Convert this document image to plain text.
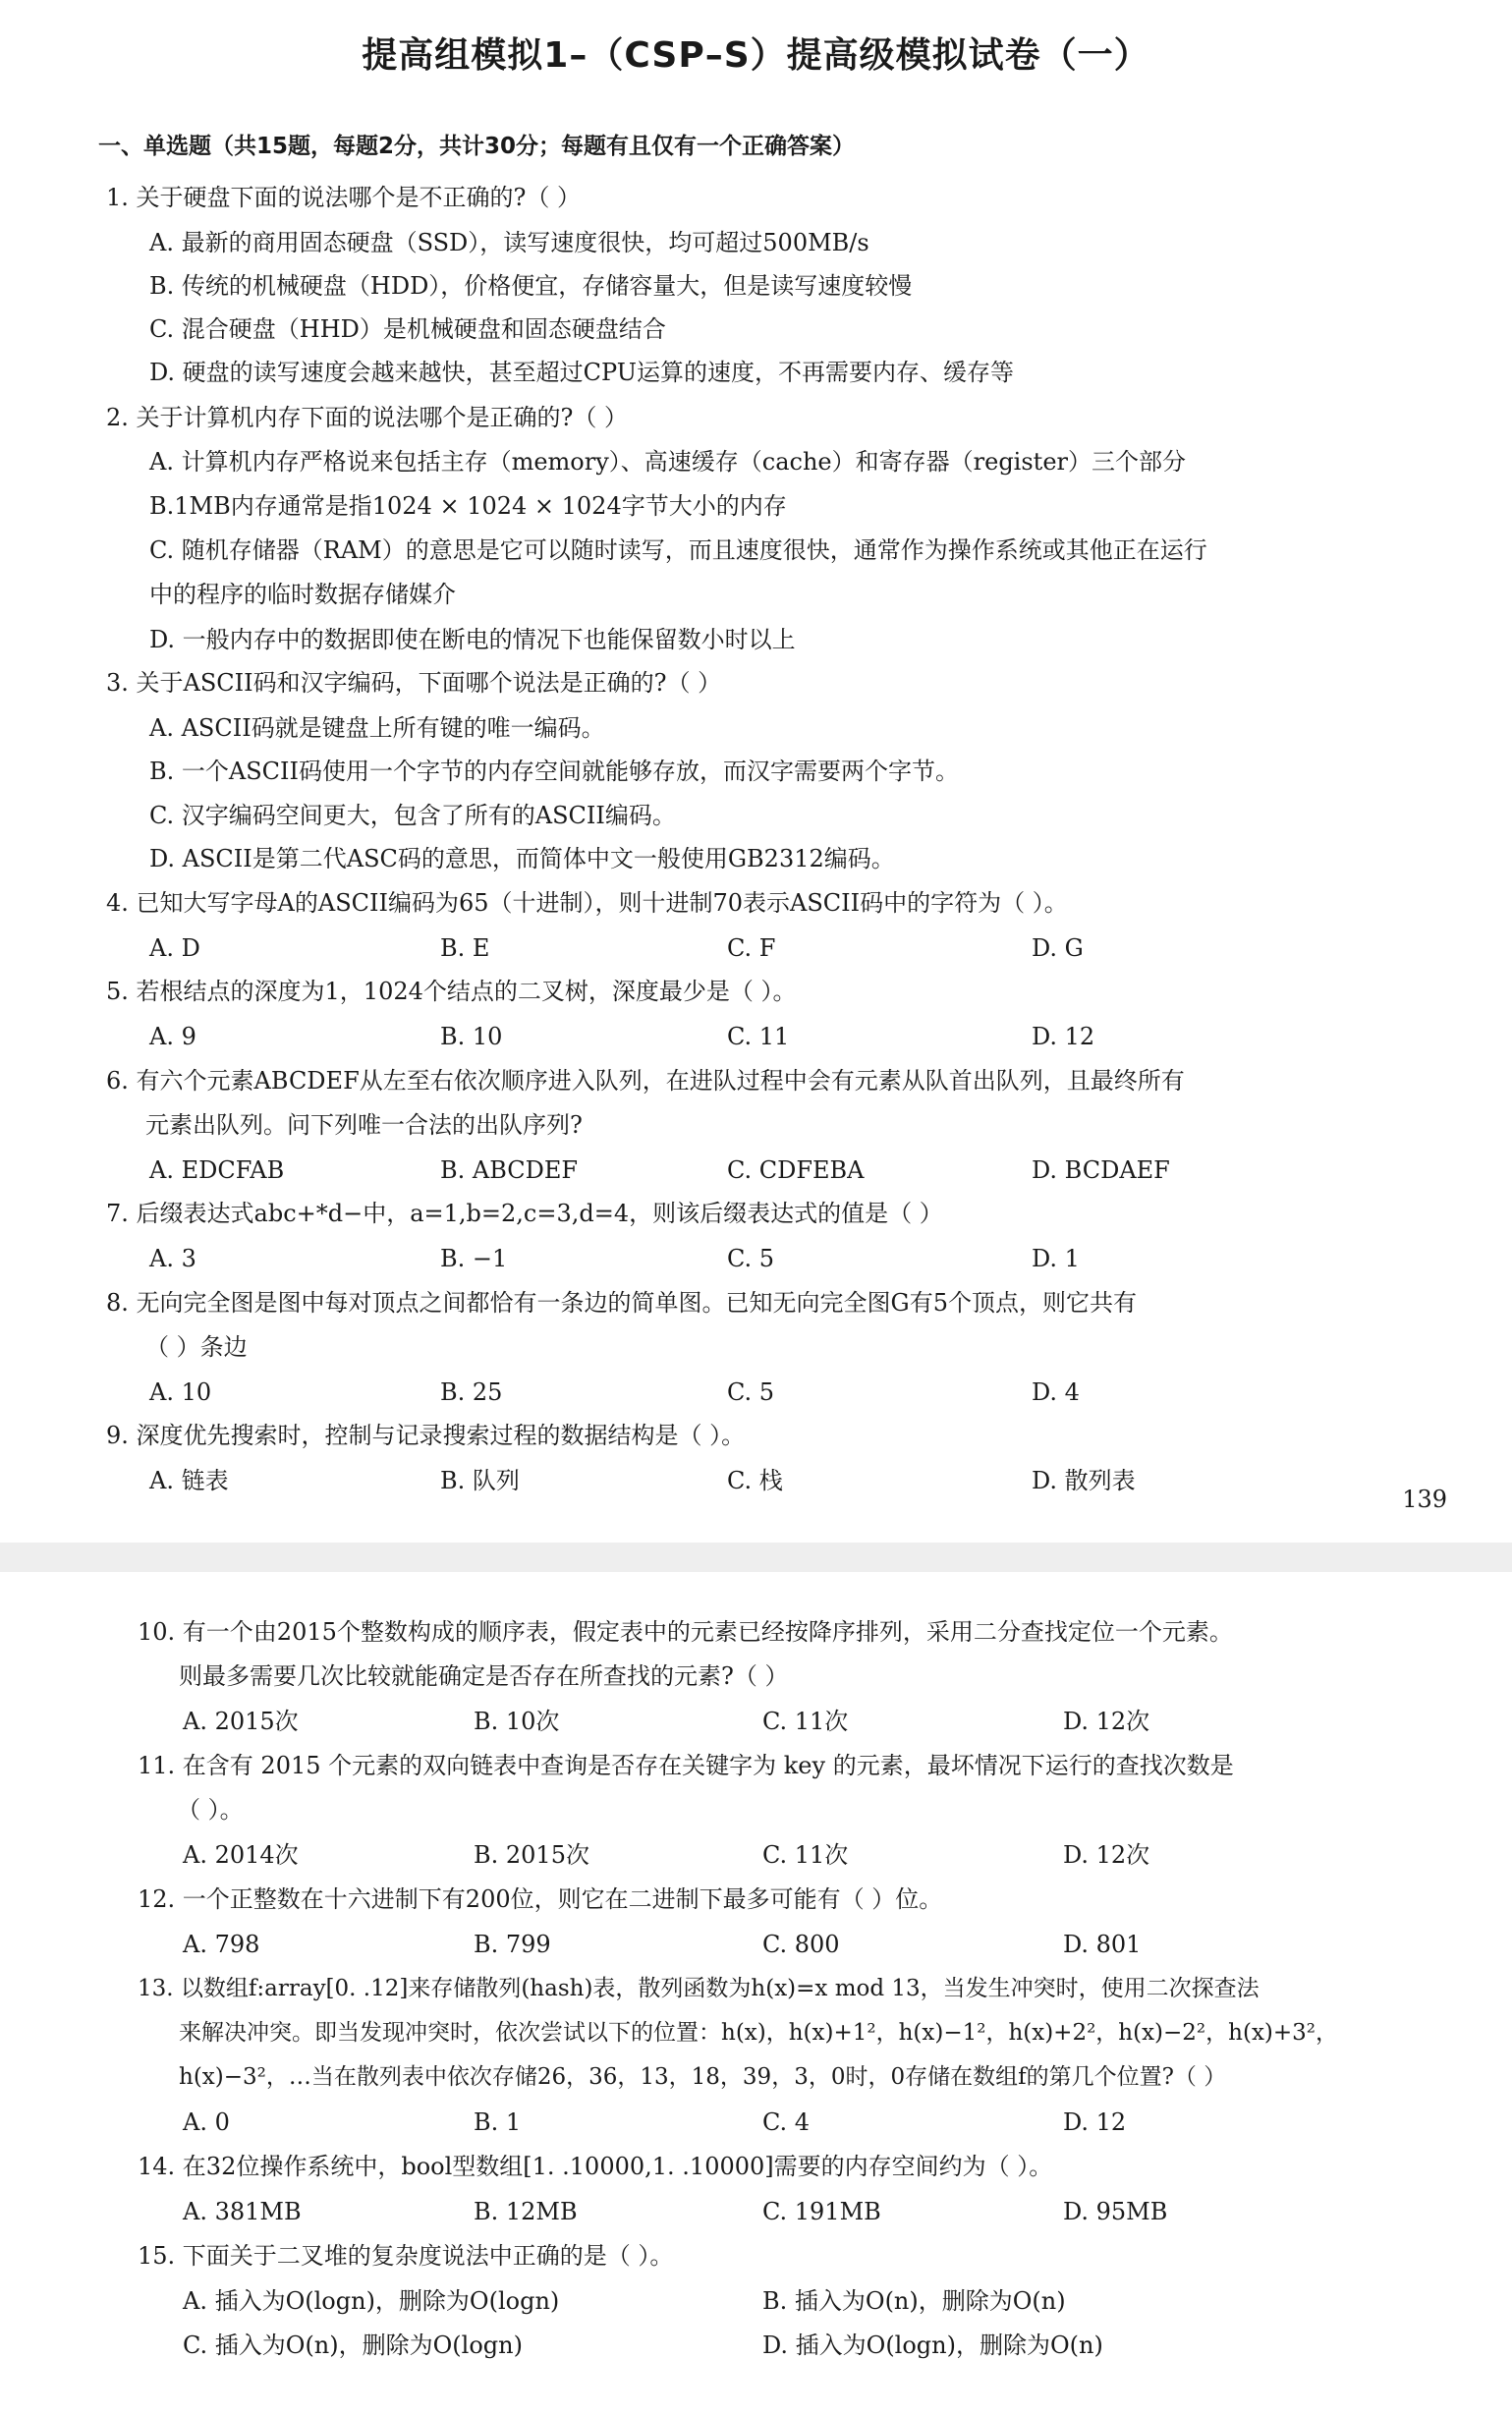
提高组模拟1–（CSP–S）提高级模拟试卷（一）
一、单选题（共15题，每题2分，共计30分；每题有且仅有一个正确答案）
1. 关于硬盘下面的说法哪个是不正确的?（ ）
A. 最新的商用固态硬盘（SSD），读写速度很快，均可超过500MB/s
B. 传统的机械硬盘（HDD），价格便宜，存储容量大，但是读写速度较慢
C. 混合硬盘（HHD）是机械硬盘和固态硬盘结合
D. 硬盘的读写速度会越来越快，甚至超过CPU运算的速度，不再需要内存、缓存等
2. 关于计算机内存下面的说法哪个是正确的?（ ）
A. 计算机内存严格说来包括主存（memory）、高速缓存（cache）和寄存器（register）三个部分
B.1MB内存通常是指1024 × 1024 × 1024字节大小的内存
C. 随机存储器（RAM）的意思是它可以随时读写，而且速度很快，通常作为操作系统或其他正在运行
中的程序的临时数据存储媒介
D. 一般内存中的数据即使在断电的情况下也能保留数小时以上
3. 关于ASCII码和汉字编码，下面哪个说法是正确的?（ ）
A. ASCII码就是键盘上所有键的唯一编码。
B. 一个ASCII码使用一个字节的内存空间就能够存放，而汉字需要两个字节。
C. 汉字编码空间更大，包含了所有的ASCII编码。
D. ASCII是第二代ASC码的意思，而简体中文一般使用GB2312编码。
4. 已知大写字母A的ASCII编码为65（十进制），则十进制70表示ASCII码中的字符为（ ）。
A. D	B. E	C. F	D. G
5. 若根结点的深度为1，1024个结点的二叉树，深度最少是（ ）。
A. 9	B. 10	C. 11	D. 12
6. 有六个元素ABCDEF从左至右依次顺序进入队列，在进队过程中会有元素从队首出队列，且最终所有
元素出队列。问下列唯一合法的出队序列?
A. EDCFAB	B. ABCDEF	C. CDFEBA	D. BCDAEF
7. 后缀表达式abc+*d−中，a=1,b=2,c=3,d=4，则该后缀表达式的值是（ ）
A. 3	B. −1	C. 5	D. 1
8. 无向完全图是图中每对顶点之间都恰有一条边的简单图。已知无向完全图G有5个顶点，则它共有
（ ）条边
A. 10	B. 25	C. 5	D. 4
9. 深度优先搜索时，控制与记录搜索过程的数据结构是（ ）。
A. 链表	B. 队列	C. 栈	D. 散列表
139
10. 有一个由2015个整数构成的顺序表，假定表中的元素已经按降序排列，采用二分查找定位一个元素。
则最多需要几次比较就能确定是否存在所查找的元素?（ ）
A. 2015次	B. 10次	C. 11次	D. 12次
11. 在含有 2015 个元素的双向链表中查询是否存在关键字为 key 的元素，最坏情况下运行的查找次数是
（ ）。
A. 2014次	B. 2015次	C. 11次	D. 12次
12. 一个正整数在十六进制下有200位，则它在二进制下最多可能有（ ）位。
A. 798	B. 799	C. 800	D. 801
13. 以数组f:array[0. .12]来存储散列(hash)表，散列函数为h(x)=x mod 13，当发生冲突时，使用二次探查法
来解决冲突。即当发现冲突时，依次尝试以下的位置：h(x)，h(x)+1²，h(x)−1²，h(x)+2²，h(x)−2²，h(x)+3²，
h(x)−3²，…当在散列表中依次存储26，36，13，18，39，3，0时，0存储在数组f的第几个位置?（ ）
A. 0	B. 1	C. 4	D. 12
14. 在32位操作系统中，bool型数组[1. .10000,1. .10000]需要的内存空间约为（ ）。
A. 381MB	B. 12MB	C. 191MB	D. 95MB
15. 下面关于二叉堆的复杂度说法中正确的是（ ）。
A. 插入为O(logn)，删除为O(logn)	B. 插入为O(n)，删除为O(n)
C. 插入为O(n)，删除为O(logn)	D. 插入为O(logn)，删除为O(n)
